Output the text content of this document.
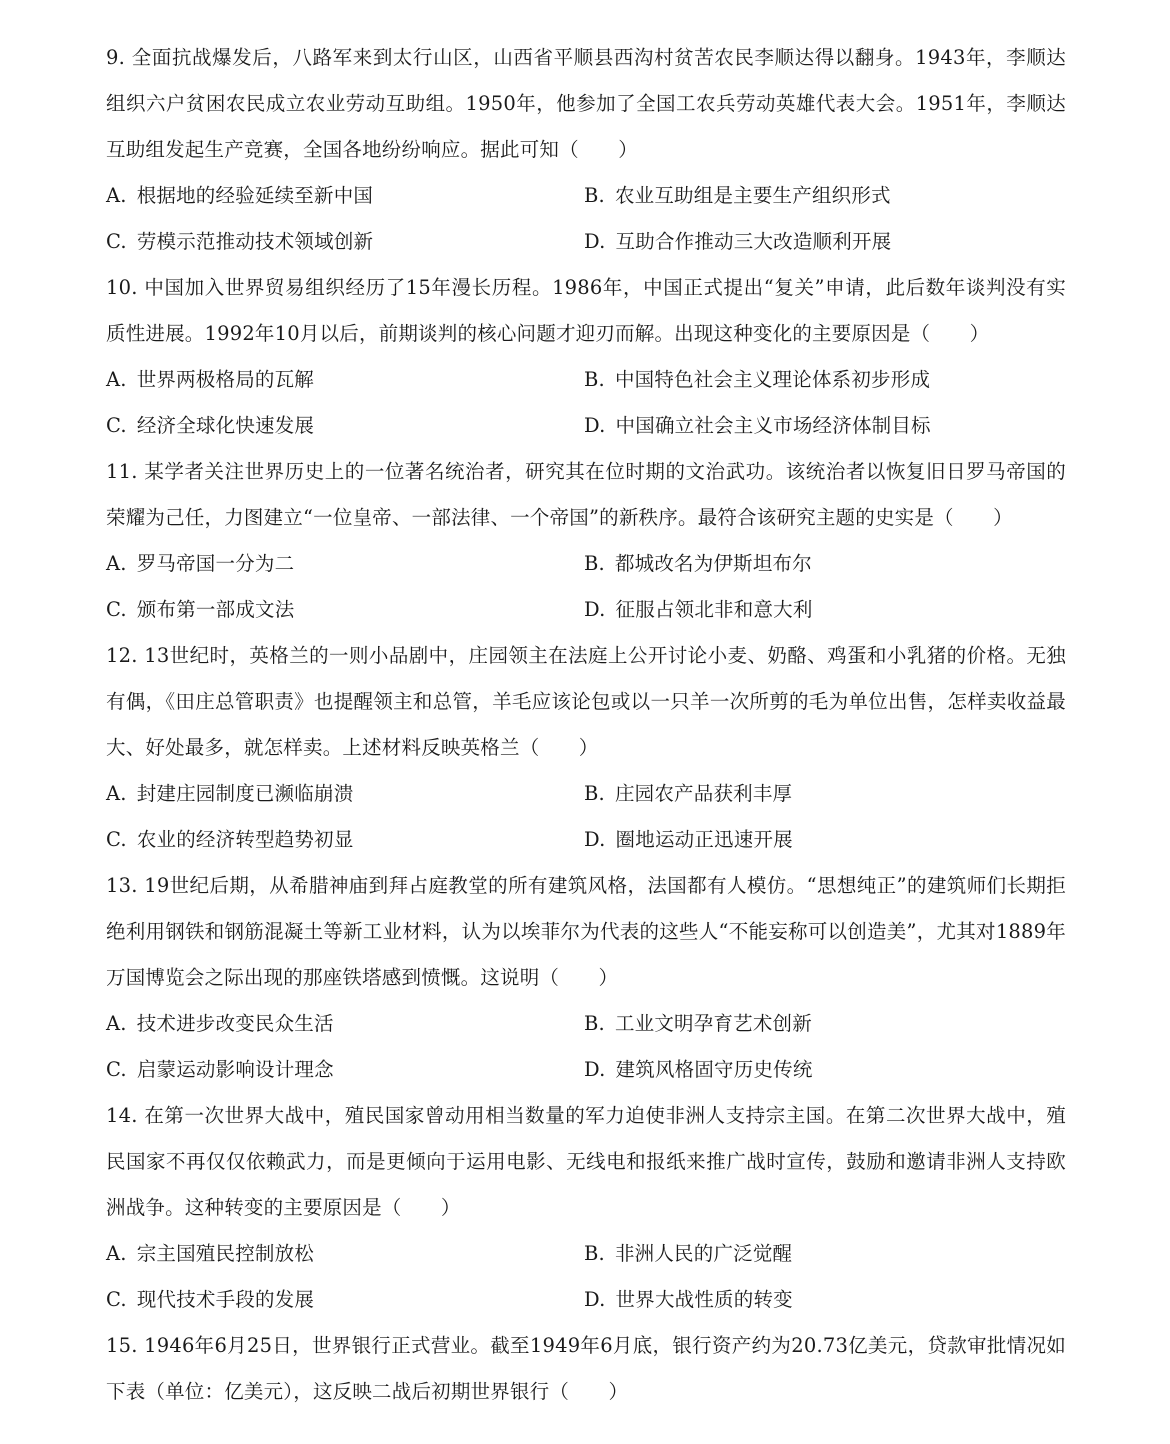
9. 全面抗战爆发后，八路军来到太行山区，山西省平顺县西沟村贫苦农民李顺达得以翻身。1943年，李顺达组织六户贫困农民成立农业劳动互助组。1950年，他参加了全国工农兵劳动英雄代表大会。1951年，李顺达互助组发起生产竞赛，全国各地纷纷响应。据此可知（　　）

A. 根据地的经验延续至新中国	B. 农业互助组是主要生产组织形式
C. 劳模示范推动技术领域创新	D. 互助合作推动三大改造顺利开展

10. 中国加入世界贸易组织经历了15年漫长历程。1986年，中国正式提出“复关”申请，此后数年谈判没有实质性进展。1992年10月以后，前期谈判的核心问题才迎刃而解。出现这种变化的主要原因是（　　）

A. 世界两极格局的瓦解	B. 中国特色社会主义理论体系初步形成
C. 经济全球化快速发展	D. 中国确立社会主义市场经济体制目标

11. 某学者关注世界历史上的一位著名统治者，研究其在位时期的文治武功。该统治者以恢复旧日罗马帝国的荣耀为己任，力图建立“一位皇帝、一部法律、一个帝国”的新秩序。最符合该研究主题的史实是（　　）

A. 罗马帝国一分为二	B. 都城改名为伊斯坦布尔
C. 颁布第一部成文法	D. 征服占领北非和意大利

12. 13世纪时，英格兰的一则小品剧中，庄园领主在法庭上公开讨论小麦、奶酪、鸡蛋和小乳猪的价格。无独有偶，《田庄总管职责》也提醒领主和总管，羊毛应该论包或以一只羊一次所剪的毛为单位出售，怎样卖收益最大、好处最多，就怎样卖。上述材料反映英格兰（　　）

A. 封建庄园制度已濒临崩溃	B. 庄园农产品获利丰厚
C. 农业的经济转型趋势初显	D. 圈地运动正迅速开展

13. 19世纪后期，从希腊神庙到拜占庭教堂的所有建筑风格，法国都有人模仿。“思想纯正”的建筑师们长期拒绝利用钢铁和钢筋混凝土等新工业材料，认为以埃菲尔为代表的这些人“不能妄称可以创造美”，尤其对1889年万国博览会之际出现的那座铁塔感到愤慨。这说明（　　）

A. 技术进步改变民众生活	B. 工业文明孕育艺术创新
C. 启蒙运动影响设计理念	D. 建筑风格固守历史传统

14. 在第一次世界大战中，殖民国家曾动用相当数量的军力迫使非洲人支持宗主国。在第二次世界大战中，殖民国家不再仅仅依赖武力，而是更倾向于运用电影、无线电和报纸来推广战时宣传，鼓励和邀请非洲人支持欧洲战争。这种转变的主要原因是（　　）

A. 宗主国殖民控制放松	B. 非洲人民的广泛觉醒
C. 现代技术手段的发展	D. 世界大战性质的转变

15. 1946年6月25日，世界银行正式营业。截至1949年6月底，银行资产约为20.73亿美元，贷款审批情况如下表（单位：亿美元），这反映二战后初期世界银行（　　）
